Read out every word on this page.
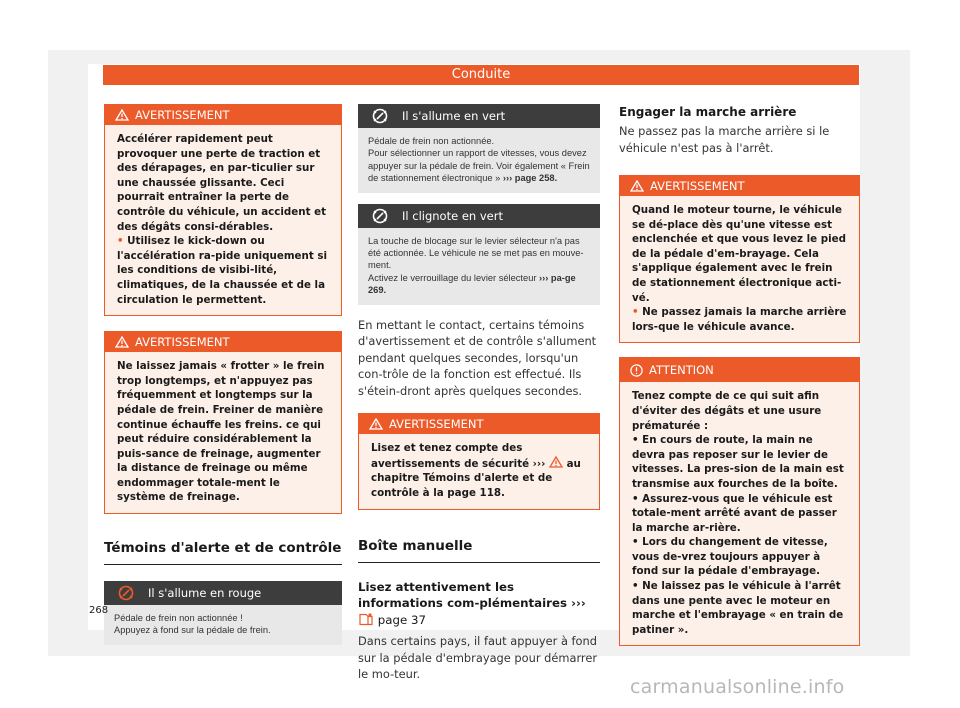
Conduite
AVERTISSEMENT

Accélérer rapidement peut provoquer une perte de traction et des dérapages, en par-ticulier sur une chaussée glissante. Ceci pourrait entraîner la perte de contrôle du véhicule, un accident et des dégâts consi-dérables.

• Utilisez le kick-down ou l'accélération ra-pide uniquement si les conditions de visibi-lité, climatiques, de la chaussée et de la circulation le permettent.

AVERTISSEMENT

Ne laissez jamais « frotter » le frein trop longtemps, et n'appuyez pas fréquemment et longtemps sur la pédale de frein. Freiner de manière continue échauffe les freins. ce qui peut réduire considérablement la puis-sance de freinage, augmenter la distance de freinage ou même endommager totale-ment le système de freinage.

Témoins d'alerte et de contrôle
Il s'allume en rouge
Pédale de frein non actionnée !
Appuyez à fond sur la pédale de frein.
Il s'allume en vert
Pédale de frein non actionnée.
Pour sélectionner un rapport de vitesses, vous devez appuyer sur la pédale de frein. Voir également « Frein de stationnement électronique » ››› page 258.
Il clignote en vert
La touche de blocage sur le levier sélecteur n'a pas été actionnée. Le véhicule ne se met pas en mouve-ment.
Activez le verrouillage du levier sélecteur ››› pa-ge 269.

En mettant le contact, certains témoins d'avertissement et de contrôle s'allument pendant quelques secondes, lorsqu'un con-trôle de la fonction est effectué. Ils s'étein-dront après quelques secondes.

AVERTISSEMENT

Lisez et tenez compte des avertissements de sécurité ›››  au chapitre Témoins d'alerte et de contrôle à la page 118.

Boîte manuelle

Lisez attentivement les informations com-plémentaires ›››  page 37

Dans certains pays, il faut appuyer à fond sur la pédale d'embrayage pour démarrer le mo-teur.

Engager la marche arrière

Ne passez pas la marche arrière si le véhicule n'est pas à l'arrêt.

AVERTISSEMENT

Quand le moteur tourne, le véhicule se dé-place dès qu'une vitesse est enclenchée et que vous levez le pied de la pédale d'em-brayage. Cela s'applique également avec le frein de stationnement électronique acti-vé.

• Ne passez jamais la marche arrière lors-que le véhicule avance.

ATTENTION

Tenez compte de ce qui suit afin d'éviter des dégâts et une usure prématurée :

• En cours de route, la main ne devra pas reposer sur le levier de vitesses. La pres-sion de la main est transmise aux fourches de la boîte.

• Assurez-vous que le véhicule est totale-ment arrêté avant de passer la marche ar-rière.

• Lors du changement de vitesse, vous de-vrez toujours appuyer à fond sur la pédale d'embrayage.

• Ne laissez pas le véhicule à l'arrêt dans une pente avec le moteur en marche et l'embrayage « en train de patiner ».

268
carmanualsonline.info
